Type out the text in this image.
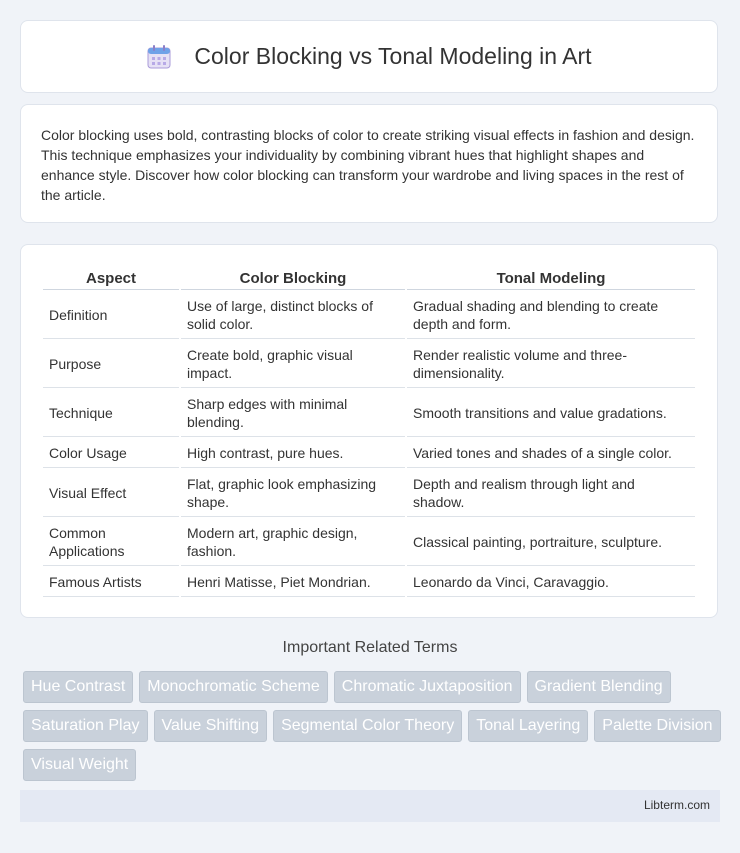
Color Blocking vs Tonal Modeling in Art

Color blocking uses bold, contrasting blocks of color to create striking visual effects in fashion and design. This technique emphasizes your individuality by combining vibrant hues that highlight shapes and enhance style. Discover how color blocking can transform your wardrobe and living spaces in the rest of the article.

Aspect	Color Blocking	Tonal Modeling
Definition	Use of large, distinct blocks of solid color.	Gradual shading and blending to create depth and form.
Purpose	Create bold, graphic visual impact.	Render realistic volume and three-dimensionality.
Technique	Sharp edges with minimal blending.	Smooth transitions and value gradations.
Color Usage	High contrast, pure hues.	Varied tones and shades of a single color.
Visual Effect	Flat, graphic look emphasizing shape.	Depth and realism through light and shadow.
Common Applications	Modern art, graphic design, fashion.	Classical painting, portraiture, sculpture.
Famous Artists	Henri Matisse, Piet Mondrian.	Leonardo da Vinci, Caravaggio.
Important Related Terms
Hue Contrast	Monochromatic Scheme	Chromatic Juxtaposition	Gradient Blending
Saturation Play	Value Shifting	Segmental Color Theory	Tonal Layering	Palette Division
Visual Weight
Libterm.com
